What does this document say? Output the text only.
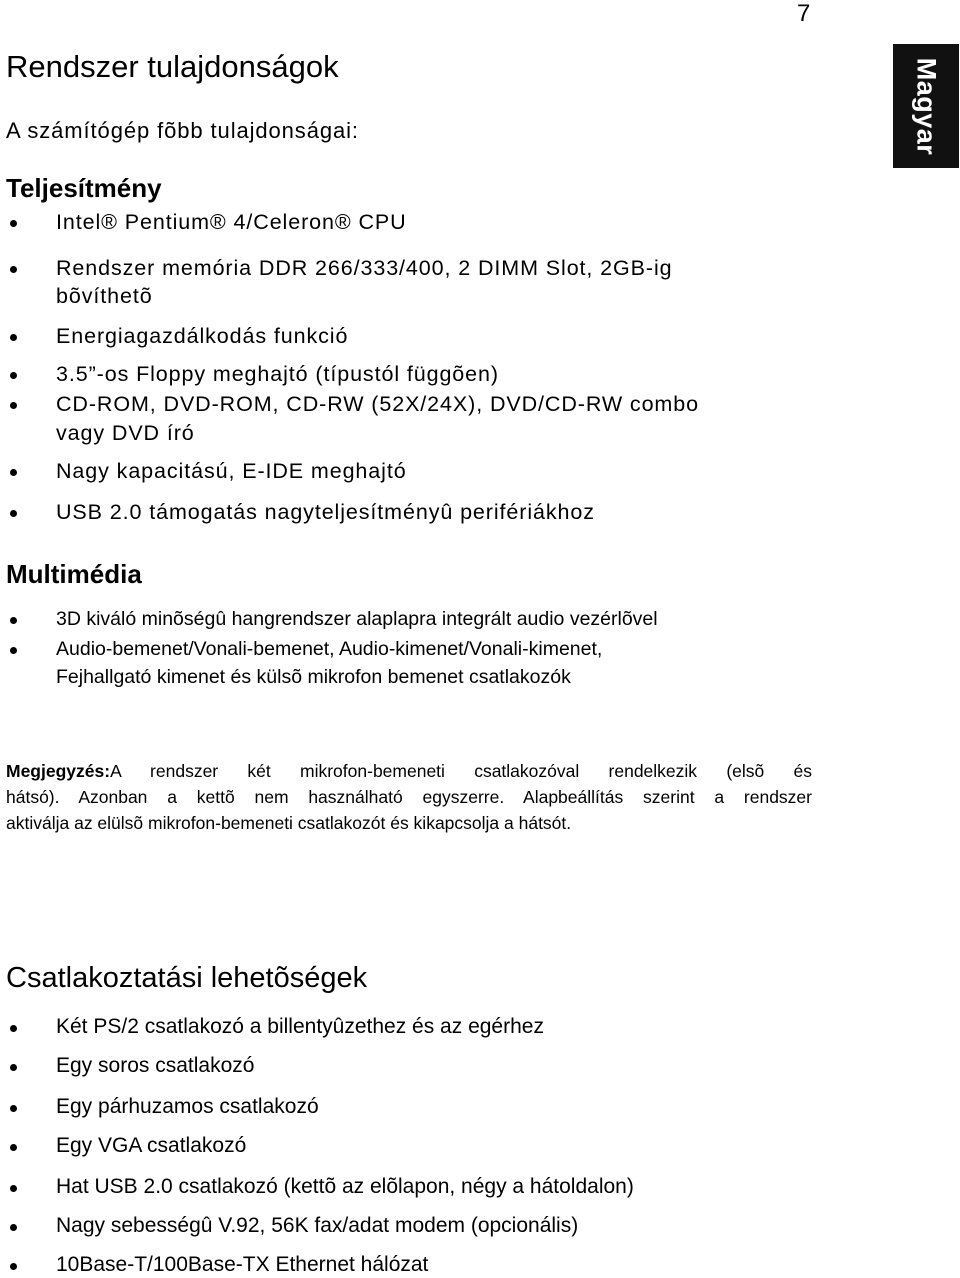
7
Magyar
Rendszer tulajdonságok
A számítógép fõbb tulajdonságai:
Teljesítmény
Intel® Pentium® 4/Celeron® CPU
Rendszer memória DDR 266/333/400, 2 DIMM Slot, 2GB-ig
bõvíthetõ
Energiagazdálkodás funkció
3.5”-os Floppy meghajtó (típustól függõen)
CD-ROM, DVD-ROM, CD-RW (52X/24X), DVD/CD-RW combo
vagy DVD író
Nagy kapacitású, E-IDE meghajtó
USB 2.0 támogatás nagyteljesítményû perifériákhoz
Multimédia
3D kiváló minõségû hangrendszer alaplapra integrált audio vezérlõvel
Audio-bemenet/Vonali-bemenet, Audio-kimenet/Vonali-kimenet,
Fejhallgató kimenet és külsõ mikrofon bemenet csatlakozók
Megjegyzés:A rendszer két mikrofon-bemeneti csatlakozóval rendelkezik (elsõ és
hátsó). Azonban a kettõ nem használható egyszerre. Alapbeállítás szerint a rendszer
aktiválja az elülsõ mikrofon-bemeneti csatlakozót és kikapcsolja a hátsót.
Csatlakoztatási lehetõségek
Két PS/2 csatlakozó a billentyûzethez és az egérhez
Egy soros csatlakozó
Egy párhuzamos csatlakozó
Egy VGA csatlakozó
Hat USB 2.0 csatlakozó (kettõ az elõlapon, négy a hátoldalon)
Nagy sebességû V.92, 56K fax/adat modem (opcionális)
10Base-T/100Base-TX Ethernet hálózat
